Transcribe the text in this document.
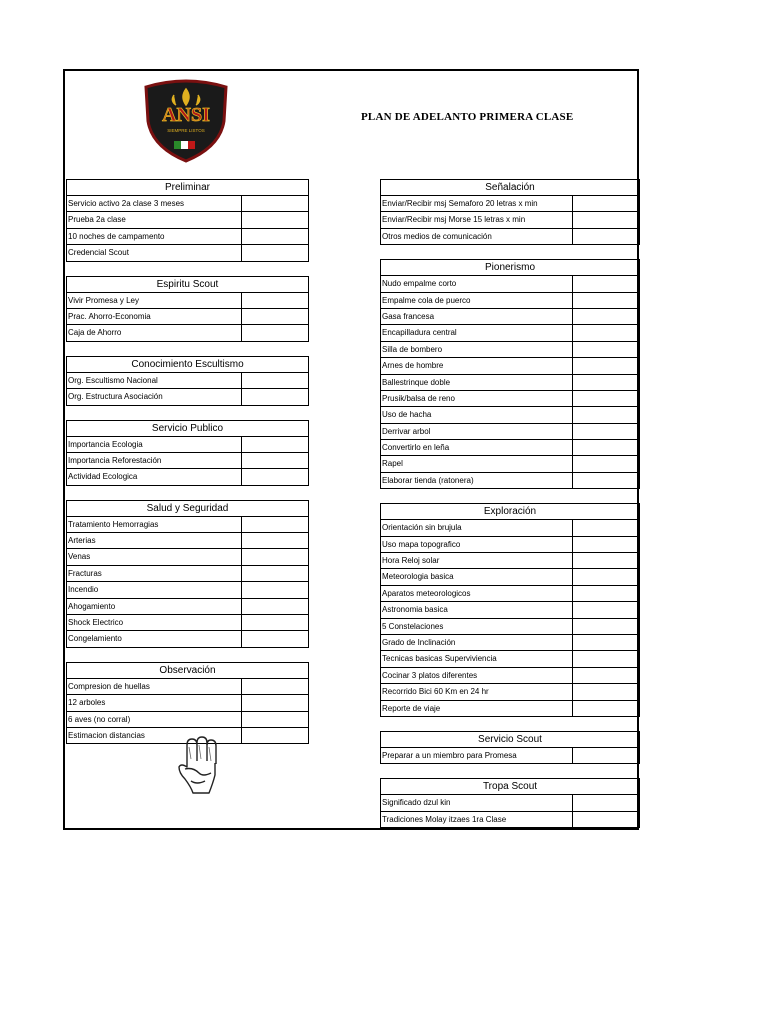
ANSI
SIEMPRE LISTOS
PLAN DE ADELANTO PRIMERA CLASE
Preliminar
Servicio activo 2a clase 3 meses
Prueba 2a clase
10 noches de campamento
Credencial Scout
Espiritu Scout
Vivir Promesa y Ley
Prac. Ahorro-Economia
Caja de Ahorro
Conocimiento Escultismo
Org. Escultismo Nacional
Org. Estructura Asociación
Servicio Publico
Importancia Ecologia
Importancia Reforestación
Actividad Ecologica
Salud y Seguridad
Tratamiento Hemorragias
Arterias
Venas
Fracturas
Incendio
Ahogamiento
Shock Electrico
Congelamiento
Observación
Compresion de huellas
12 arboles
6 aves (no corral)
Estimacion distancias
Señalación
Enviar/Recibir msj Semaforo 20 letras x min
Enviar/Recibir msj Morse 15 letras x min
Otros medios de comunicación
Pionerismo
Nudo empalme corto
Empalme cola de puerco
Gasa francesa
Encapilladura central
Silla de bombero
Arnes de hombre
Ballestrinque doble
Prusik/balsa de reno
Uso de hacha
Derrivar arbol
Convertirlo en leña
Rapel
Elaborar tienda (ratonera)
Exploración
Orientación sin brujula
Uso mapa topografico
Hora Reloj solar
Meteorologia basica
Aparatos meteorologicos
Astronomia basica
5 Constelaciones
Grado de Inclinación
Tecnicas basicas Superviviencia
Cocinar 3 platos diferentes
Recorrido Bici 60 Km en 24 hr
Reporte de viaje
Servicio Scout
Preparar a un miembro para Promesa
Tropa Scout
Significado dzul kin
Tradiciones Molay itzaes 1ra Clase
